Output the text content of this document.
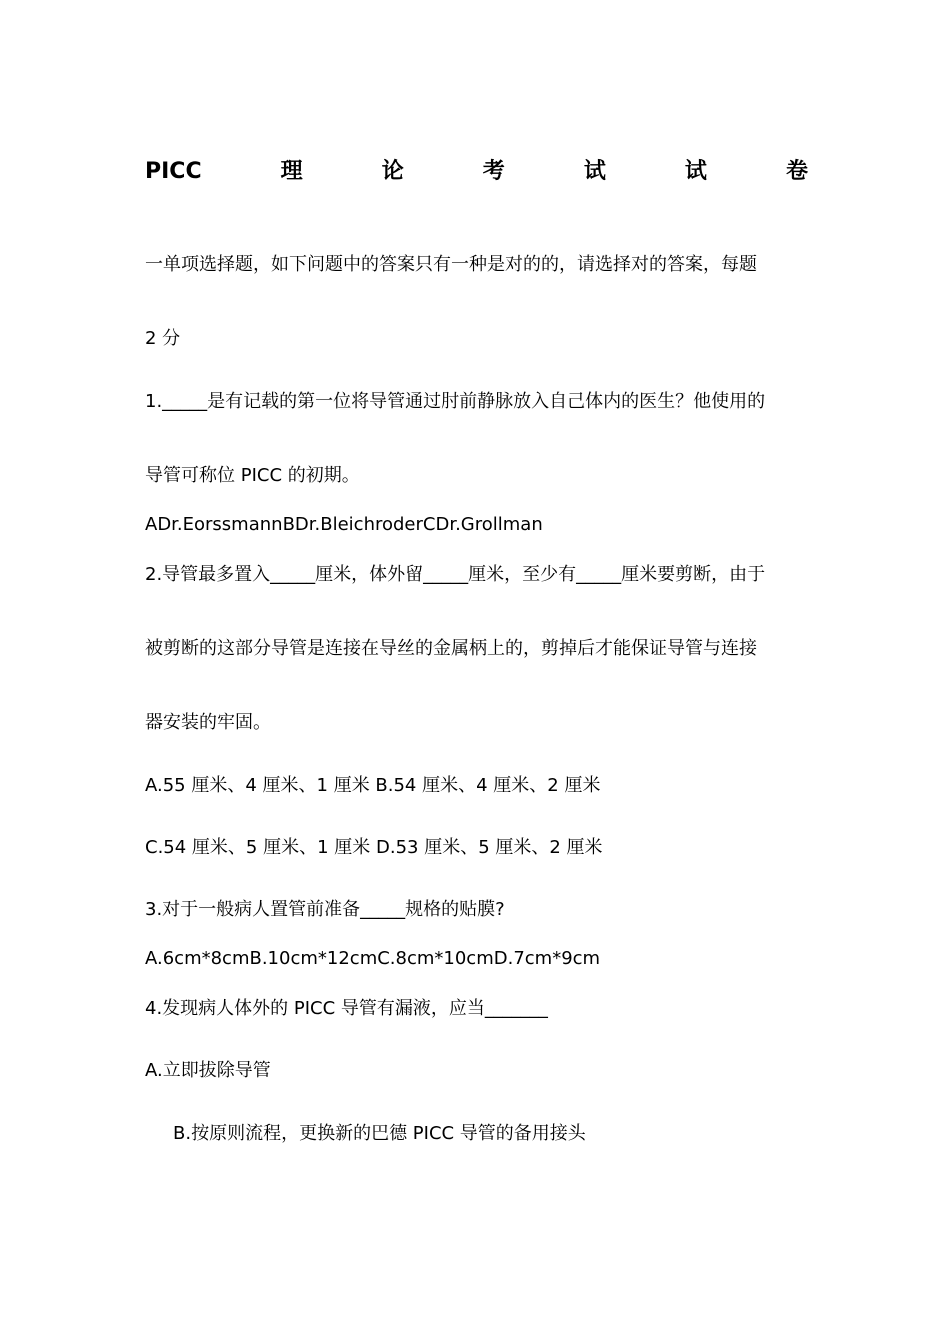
PICC	理	论	考	试	试	卷

一单项选择题，如下问题中的答案只有一种是对的的，请选择对的答案，每题

2 分

1._____是有记载的第一位将导管通过肘前静脉放入自己体内的医生？他使用的

导管可称位 PICC 的初期。

ADr.EorssmannBDr.BleichroderCDr.Grollman

2.导管最多置入_____厘米，体外留_____厘米，至少有_____厘米要剪断，由于

被剪断的这部分导管是连接在导丝的金属柄上的，剪掉后才能保证导管与连接

器安装的牢固。

A.55 厘米、4 厘米、1 厘米 B.54 厘米、4 厘米、2 厘米

C.54 厘米、5 厘米、1 厘米 D.53 厘米、5 厘米、2 厘米

3.对于一般病人置管前准备_____规格的贴膜?

A.6cm*8cmB.10cm*12cmC.8cm*10cmD.7cm*9cm

4.发现病人体外的 PICC 导管有漏液，应当_______

A.立即拔除导管

B.按原则流程，更换新的巴德 PICC 导管的备用接头
